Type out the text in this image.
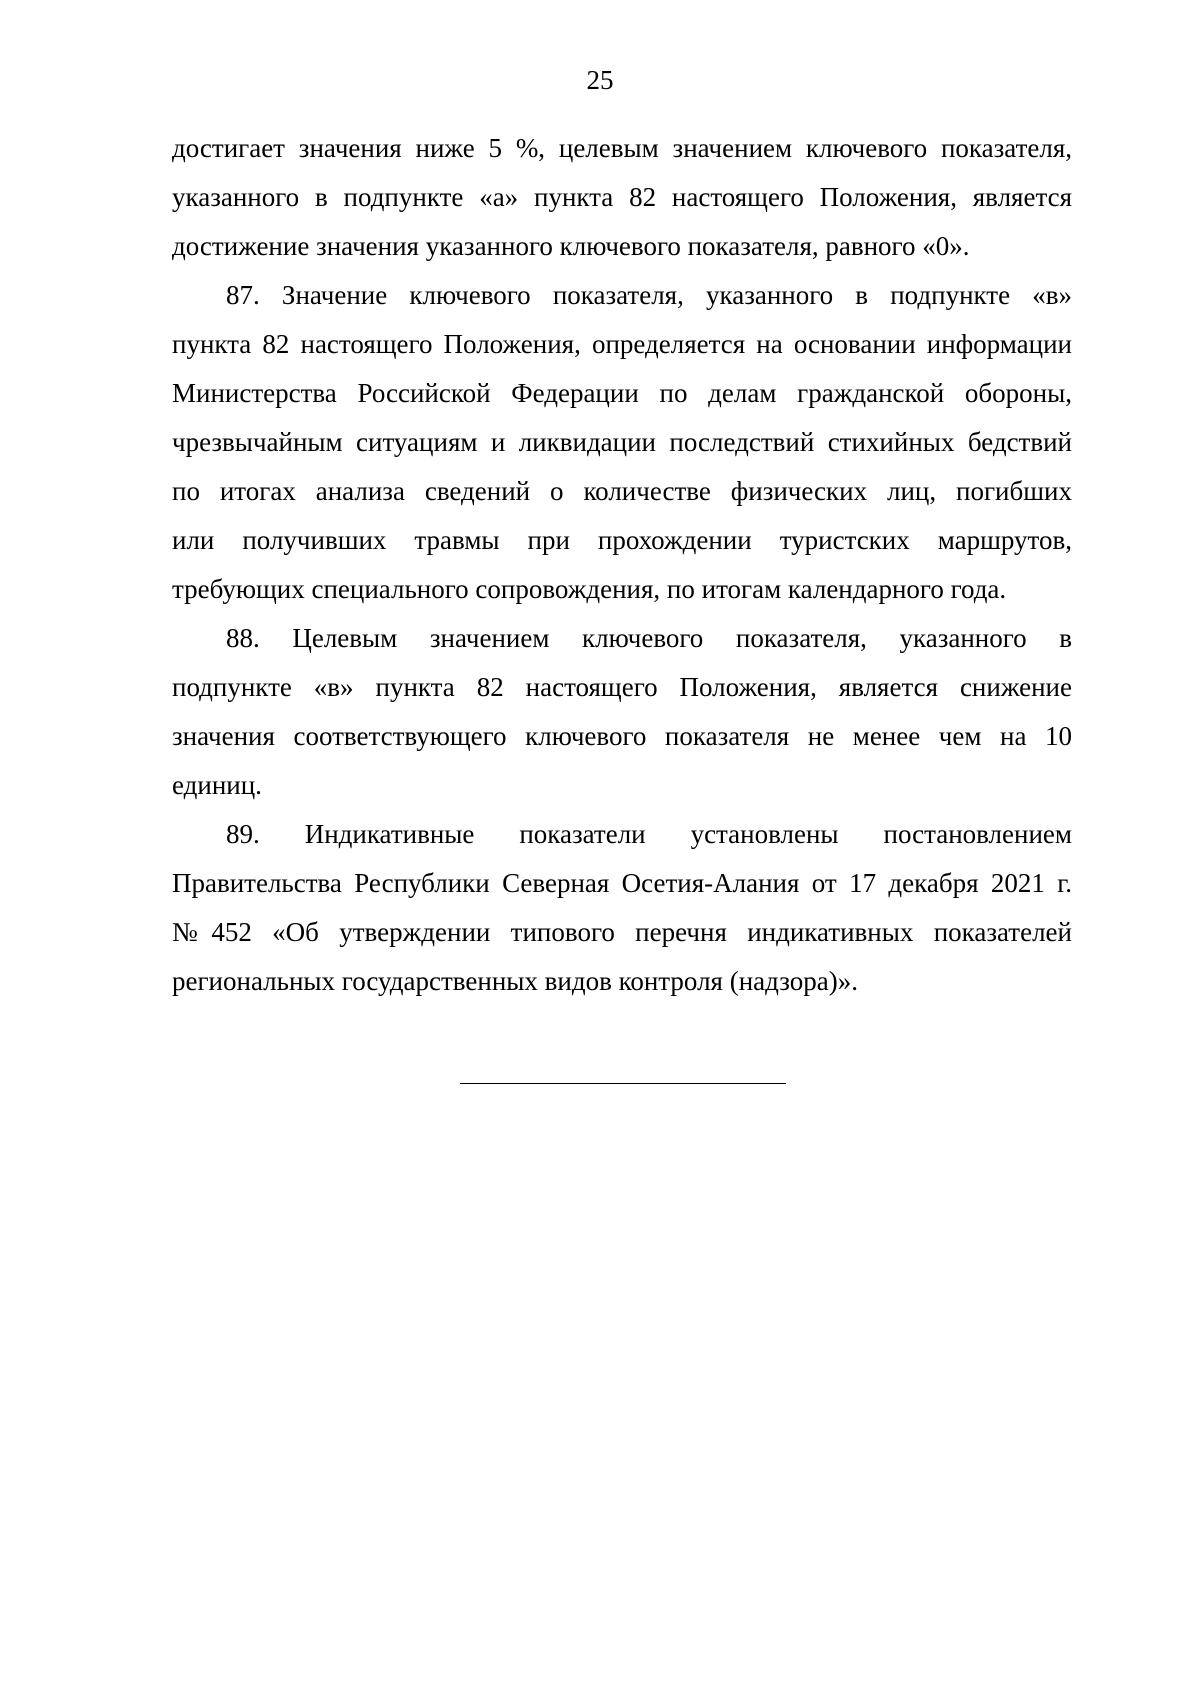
25

достигает значения ниже 5 %, целевым значением ключевого показателя,

указанного в подпункте «а» пункта 82 настоящего Положения, является

достижение значения указанного ключевого показателя, равного «0».

87. Значение ключевого показателя, указанного в подпункте «в»

пункта 82 настоящего Положения, определяется на основании информации

Министерства Российской Федерации по делам гражданской обороны,

чрезвычайным ситуациям и ликвидации последствий стихийных бедствий

по итогах анализа сведений о количестве физических лиц, погибших

или получивших травмы при прохождении туристских маршрутов,

требующих специального сопровождения, по итогам календарного года.

88. Целевым значением ключевого показателя, указанного в

подпункте «в» пункта 82 настоящего Положения, является снижение

значения соответствующего ключевого показателя не менее чем на 10

единиц.

89. Индикативные показатели установлены постановлением

Правительства Республики Северная Осетия-Алания от 17 декабря 2021 г.

№452 «Об утверждении типового перечня индикативных показателей

региональных государственных видов контроля (надзора)».
